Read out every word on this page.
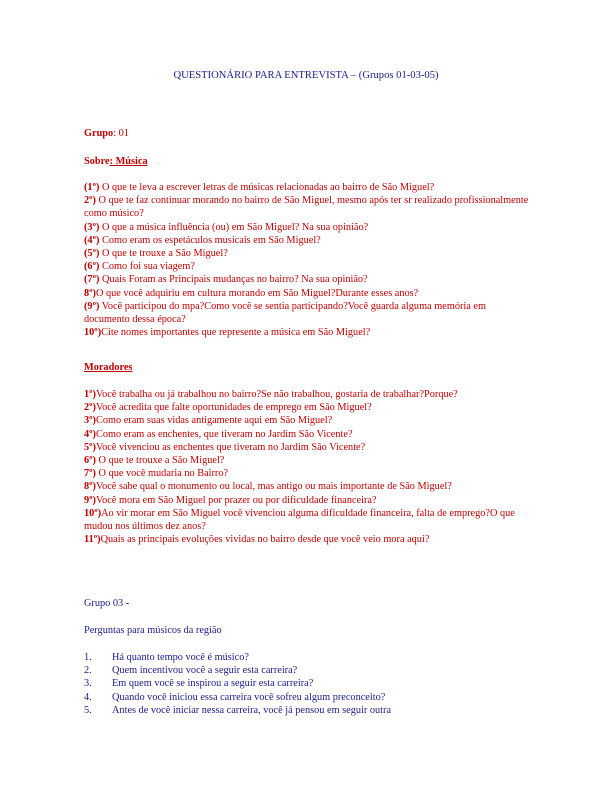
QUESTIONÁRIO PARA ENTREVISTA – (Grupos 01-03-05)
Grupo: 01
Sobre: Música

(1º) O que te leva a escrever letras de músicas relacionadas ao bairro de São Miguel?

2º) O que te faz continuar morando no bairro de São Miguel, mesmo após ter sr realizado profissionalmente como músico?

(3º) O que a música influência (ou) em São Miguel? Na sua opinião?

(4º) Como eram os espetáculos musicais em São Miguel?

(5º) O que te trouxe a São Miguel?

(6º) Como foi sua viagem?

(7º) Quais Foram as Principais mudanças no bairro? Na sua opinião?

8º)O que você adquiriu em cultura morando em São Miguel?Durante esses anos?

(9º) Você participou do mpa?Como você se sentia participando?Você guarda alguma memória em documento dessa época?

10º)Cite nomes importantes que represente a música em São Miguel?

Moradores

1º)Você trabalha ou já trabalhou no bairro?Se não trabalhou, gostaria de trabalhar?Porque?

2º)Você acredita que falte oportunidades de emprego em São Miguel?

3º)Como eram suas vidas antigamente aqui em São Miguel?

4º)Como eram as enchentes, que tiveram no Jardim São Vicente?

5º)Você vivenciou as enchentes que tiveram no Jardim São Vicente?

6º) O que te trouxe a São Miguel?

7º) O que você mudaria no Bairro?

8º)Você sabe qual o monumento ou local, mas antigo ou mais importante de São Miguel?

9º)Você mora em São Miguel por prazer ou por dificuldade financeira?

10º)Ao vir morar em São Miguel você vivenciou alguma dificuldade financeira, falta de emprego?O que mudou nos últimos dez anos?

11º)Quais as principais evoluções vividas no bairro desde que você veio mora aqui?

Grupo 03 -
Perguntas para músicos da região
1.	Há quanto tempo você é músico?
2.	Quem incentivou você a seguir esta carreira?
3.	Em quem você se inspirou a seguir esta carreira?
4.	Quando você iniciou essa carreira você sofreu algum preconceito?
5.	Antes de você iniciar nessa carreira, você já pensou em seguir outra
